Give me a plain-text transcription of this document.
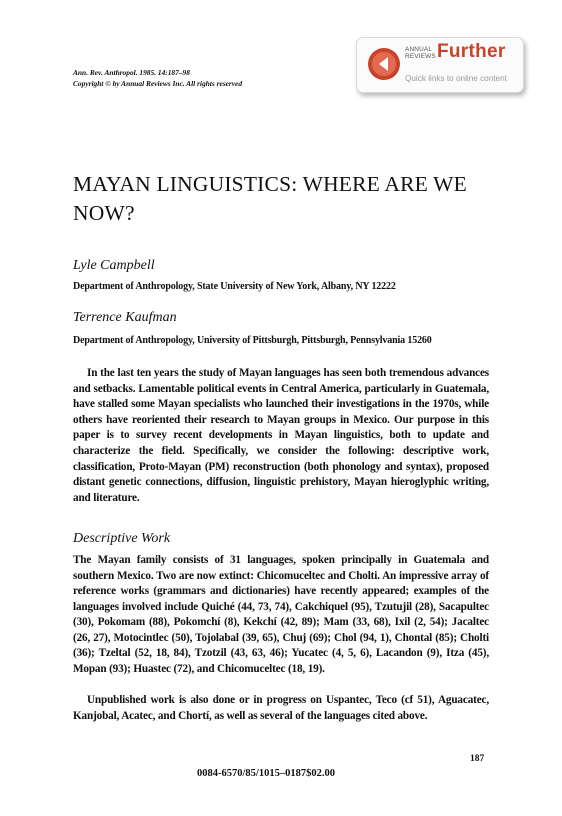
Ann. Rev. Anthropol. 1985. 14:187–98
Copyright © by Annual Reviews Inc. All rights reserved
ANNUAL
REVIEWS Further
Quick links to online content
MAYAN LINGUISTICS: WHERE ARE WE NOW?
Lyle Campbell
Department of Anthropology, State University of New York, Albany, NY 12222
Terrence Kaufman
Department of Anthropology, University of Pittsburgh, Pittsburgh, Pennsylvania 15260

In the last ten years the study of Mayan languages has seen both tremendous advances and setbacks. Lamentable political events in Central America, particularly in Guatemala, have stalled some Mayan specialists who launched their investigations in the 1970s, while others have reoriented their research to Mayan groups in Mexico. Our purpose in this paper is to survey recent developments in Mayan linguistics, both to update and characterize the field. Specifically, we consider the following: descriptive work, classification, Proto-Mayan (PM) reconstruction (both phonology and syntax), proposed distant genetic connections, diffusion, linguistic prehistory, Mayan hieroglyphic writing, and literature.

Descriptive Work

The Mayan family consists of 31 languages, spoken principally in Guatemala and southern Mexico. Two are now extinct: Chicomuceltec and Cholti. An impressive array of reference works (grammars and dictionaries) have recently appeared; examples of the languages involved include Quiché (44, 73, 74), Cakchiquel (95), Tzutujil (28), Sacapultec (30), Pokomam (88), Pokomchí (8), Kekchí (42, 89); Mam (33, 68), Ixil (2, 54); Jacaltec (26, 27), Motocintlec (50), Tojolabal (39, 65), Chuj (69); Chol (94, 1), Chontal (85); Cholti (36); Tzeltal (52, 18, 84), Tzotzil (43, 63, 46); Yucatec (4, 5, 6), Lacandon (9), Itza (45), Mopan (93); Huastec (72), and Chicomuceltec (18, 19).

Unpublished work is also done or in progress on Uspantec, Teco (cf 51), Aguacatec, Kanjobal, Acatec, and Chortí, as well as several of the languages cited above.

187
0084-6570/85/1015–0187$02.00
